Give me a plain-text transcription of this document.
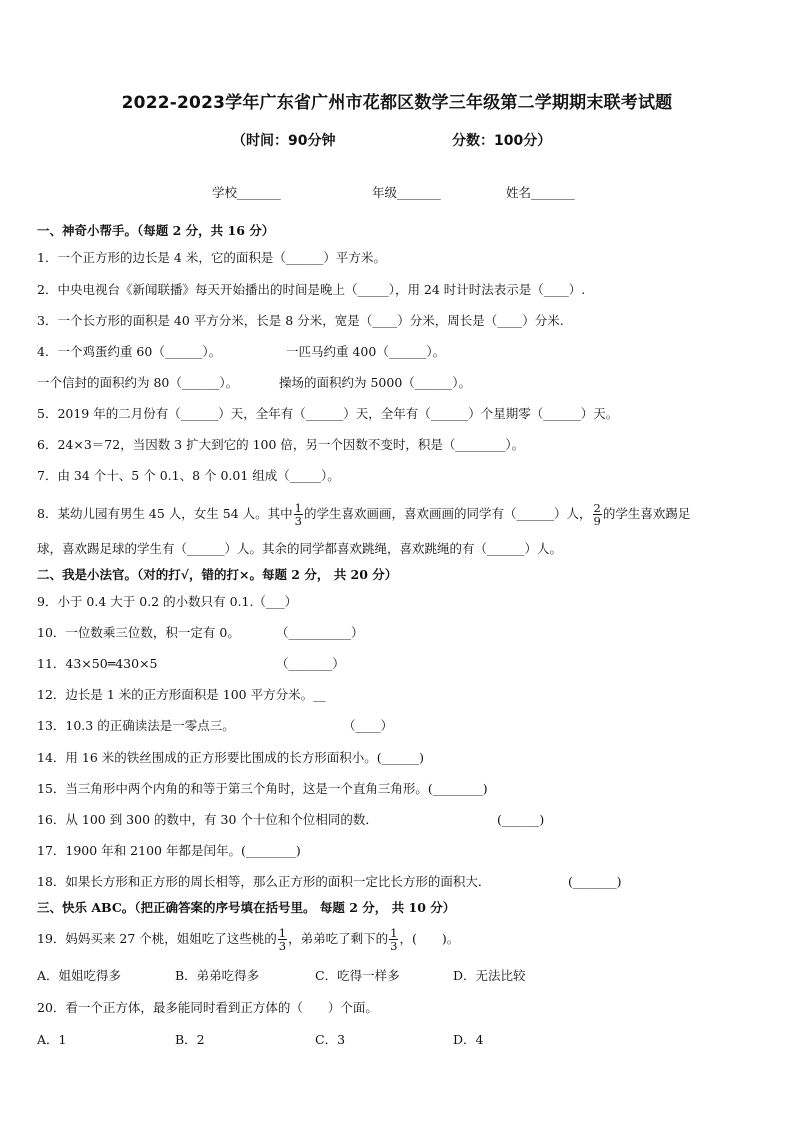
2022-2023学年广东省广州市花都区数学三年级第二学期期末联考试题
（时间：90分钟	分数：100分）
学校_______	年级_______	姓名_______
一、神奇小帮手。（每题 2 分，共 16 分）
1．一个正方形的边长是 4 米，它的面积是（______）平方米。
2．中央电视台《新闻联播》每天开始播出的时间是晚上（_____），用 24 时计时法表示是（____）.
3．一个长方形的面积是 40 平方分米，长是 8 分米，宽是（____）分米，周长是（____）分米.
4．一个鸡蛋约重 60（______）。	一匹马约重 400（______）。
一个信封的面积约为 80（______）。	操场的面积约为 5000（______）。
5．2019 年的二月份有（______）天，全年有（______）天，全年有（______）个星期零（______）天。
6．24×3＝72，当因数 3 扩大到它的 100 倍，另一个因数不变时，积是（________）。
7．由 34 个十、5 个 0.1、8 个 0.01 组成（_____）。
8．某幼儿园有男生 45 人，女生 54 人。其中 $\frac{1}{3}$ 的学生喜欢画画，喜欢画画的同学有（______）人， $\frac{2}{9}$ 的学生喜欢踢足
球，喜欢踢足球的学生有（______）人。其余的同学都喜欢跳绳，喜欢跳绳的有（______）人。
二、我是小法官。（对的打√，错的打×。每题 2 分， 共 20 分）
9．小于 0.4 大于 0.2 的小数只有 0.1.（___）
10．一位数乘三位数，积一定有 0。	（__________）
11．43×50═430×5	（_______）
12．边长是 1 米的正方形面积是 100 平方分米。__
13．10.3 的正确读法是一零点三。	（____）
14．用 16 米的铁丝围成的正方形要比围成的长方形面积小。(______)
15．当三角形中两个内角的和等于第三个角时，这是一个直角三角形。(________)
16．从 100 到 300 的数中，有 30 个十位和个位相同的数．	(______)
17．1900 年和 2100 年都是闰年。(________)
18．如果长方形和正方形的周长相等，那么正方形的面积一定比长方形的面积大．	(_______)
三、快乐 ABC。（把正确答案的序号填在括号里。 每题 2 分， 共 10 分）
19．妈妈买来 27 个桃，姐姐吃了这些桃的 $\frac{1}{3}$ ，弟弟吃了剩下的 $\frac{1}{3}$ ，(　　)。
A．姐姐吃得多	B．弟弟吃得多	C．吃得一样多	D．无法比较
20．看一个正方体，最多能同时看到正方体的（　　）个面。
A．1	B．2	C．3	D．4
